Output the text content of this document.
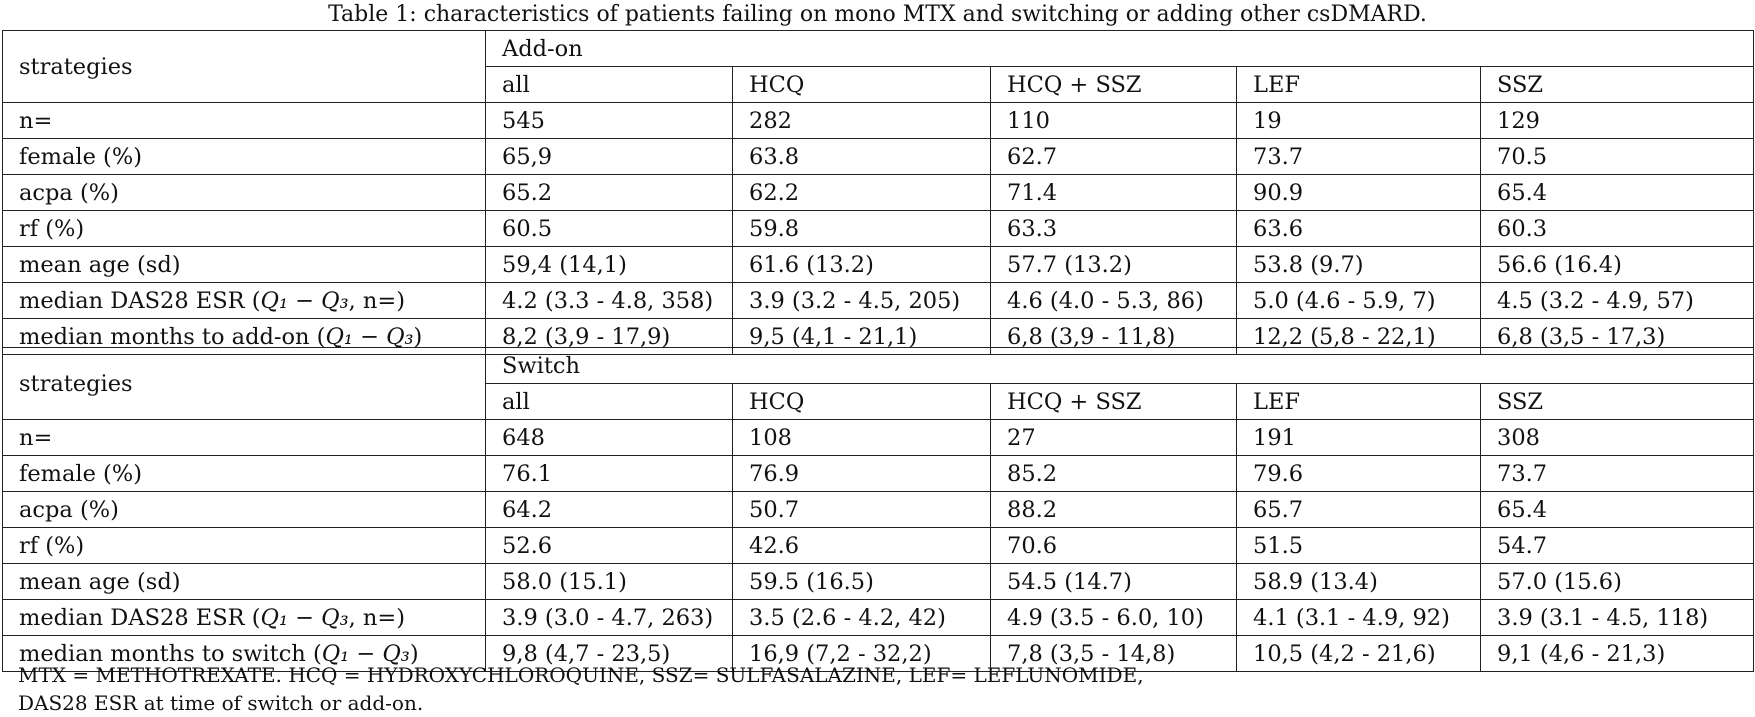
Table 1: characteristics of patients failing on mono MTX and switching or adding other csDMARD.
strategies	Add-on				
	all	HCQ	HCQ + SSZ	LEF	SSZ
n=	545	282	110	19	129
female (%)	65,9	63.8	62.7	73.7	70.5
acpa (%)	65.2	62.2	71.4	90.9	65.4
rf (%)	60.5	59.8	63.3	63.6	60.3
mean age (sd)	59,4 (14,1)	61.6 (13.2)	57.7 (13.2)	53.8 (9.7)	56.6 (16.4)
median DAS28 ESR (Q₁ − Q₃, n=)	4.2 (3.3 - 4.8, 358)	3.9 (3.2 - 4.5, 205)	4.6 (4.0 - 5.3, 86)	5.0 (4.6 - 5.9, 7)	4.5 (3.2 - 4.9, 57)
median months to add-on (Q₁ − Q₃)	8,2 (3,9 - 17,9)	9,5 (4,1 - 21,1)	6,8 (3,9 - 11,8)	12,2 (5,8 - 22,1)	6,8 (3,5 - 17,3)
strategies	Switch				
	all	HCQ	HCQ + SSZ	LEF	SSZ
n=	648	108	27	191	308
female (%)	76.1	76.9	85.2	79.6	73.7
acpa (%)	64.2	50.7	88.2	65.7	65.4
rf (%)	52.6	42.6	70.6	51.5	54.7
mean age (sd)	58.0 (15.1)	59.5 (16.5)	54.5 (14.7)	58.9 (13.4)	57.0 (15.6)
median DAS28 ESR (Q₁ − Q₃, n=)	3.9 (3.0 - 4.7, 263)	3.5 (2.6 - 4.2, 42)	4.9 (3.5 - 6.0, 10)	4.1 (3.1 - 4.9, 92)	3.9 (3.1 - 4.5, 118)
median months to switch (Q₁ − Q₃)	9,8 (4,7 - 23,5)	16,9 (7,2 - 32,2)	7,8 (3,5 - 14,8)	10,5 (4,2 - 21,6)	9,1 (4,6 - 21,3)
MTX = METHOTREXATE. HCQ = HYDROXYCHLOROQUINE, SSZ= SULFASALAZINE, LEF= LEFLUNOMIDE,
DAS28 ESR at time of switch or add-on.
